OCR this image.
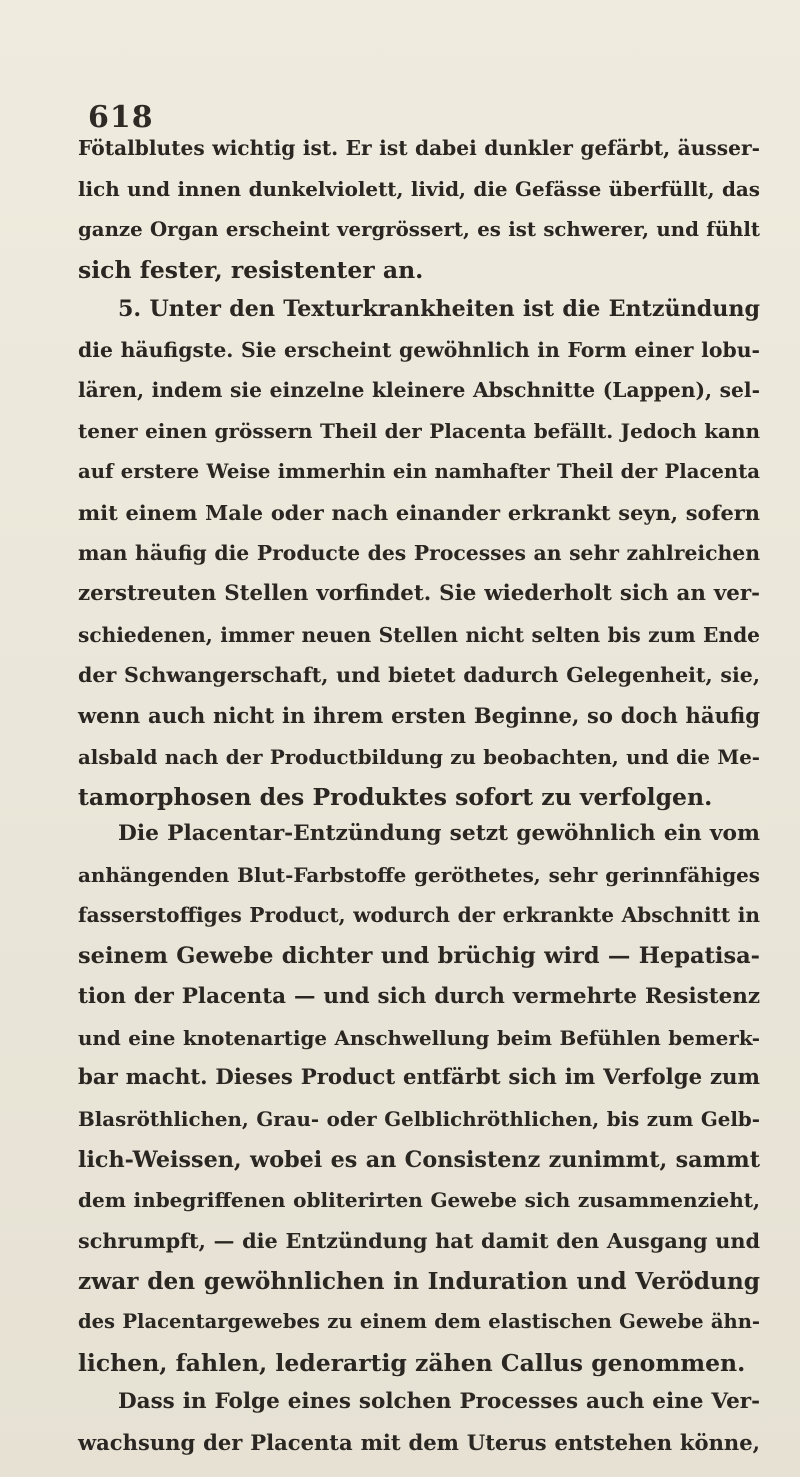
618
Fötalblutes wichtig ist. Er ist dabei dunkler gefärbt, äusser-
lich und innen dunkelviolett, livid, die Gefässe überfüllt, das
ganze Organ erscheint vergrössert, es ist schwerer, und fühlt
sich fester, resistenter an.
5. Unter den Texturkrankheiten ist die Entzündung
die häufigste. Sie erscheint gewöhnlich in Form einer lobu-
lären, indem sie einzelne kleinere Abschnitte (Lappen), sel-
tener einen grössern Theil der Placenta befällt. Jedoch kann
auf erstere Weise immerhin ein namhafter Theil der Placenta
mit einem Male oder nach einander erkrankt seyn, sofern
man häufig die Producte des Processes an sehr zahlreichen
zerstreuten Stellen vorfindet. Sie wiederholt sich an ver-
schiedenen, immer neuen Stellen nicht selten bis zum Ende
der Schwangerschaft, und bietet dadurch Gelegenheit, sie,
wenn auch nicht in ihrem ersten Beginne, so doch häufig
alsbald nach der Productbildung zu beobachten, und die Me-
tamorphosen des Produktes sofort zu verfolgen.
Die Placentar-Entzündung setzt gewöhnlich ein vom
anhängenden Blut-Farbstoffe geröthetes, sehr gerinnfähiges
fasserstoffiges Product, wodurch der erkrankte Abschnitt in
seinem Gewebe dichter und brüchig wird — Hepatisa-
tion der Placenta — und sich durch vermehrte Resistenz
und eine knotenartige Anschwellung beim Befühlen bemerk-
bar macht. Dieses Product entfärbt sich im Verfolge zum
Blasröthlichen, Grau- oder Gelblichröthlichen, bis zum Gelb-
lich-Weissen, wobei es an Consistenz zunimmt, sammt
dem inbegriffenen obliterirten Gewebe sich zusammenzieht,
schrumpft, — die Entzündung hat damit den Ausgang und
zwar den gewöhnlichen in Induration und Verödung
des Placentargewebes zu einem dem elastischen Gewebe ähn-
lichen, fahlen, lederartig zähen Callus genommen.
Dass in Folge eines solchen Processes auch eine Ver-
wachsung der Placenta mit dem Uterus entstehen könne,
